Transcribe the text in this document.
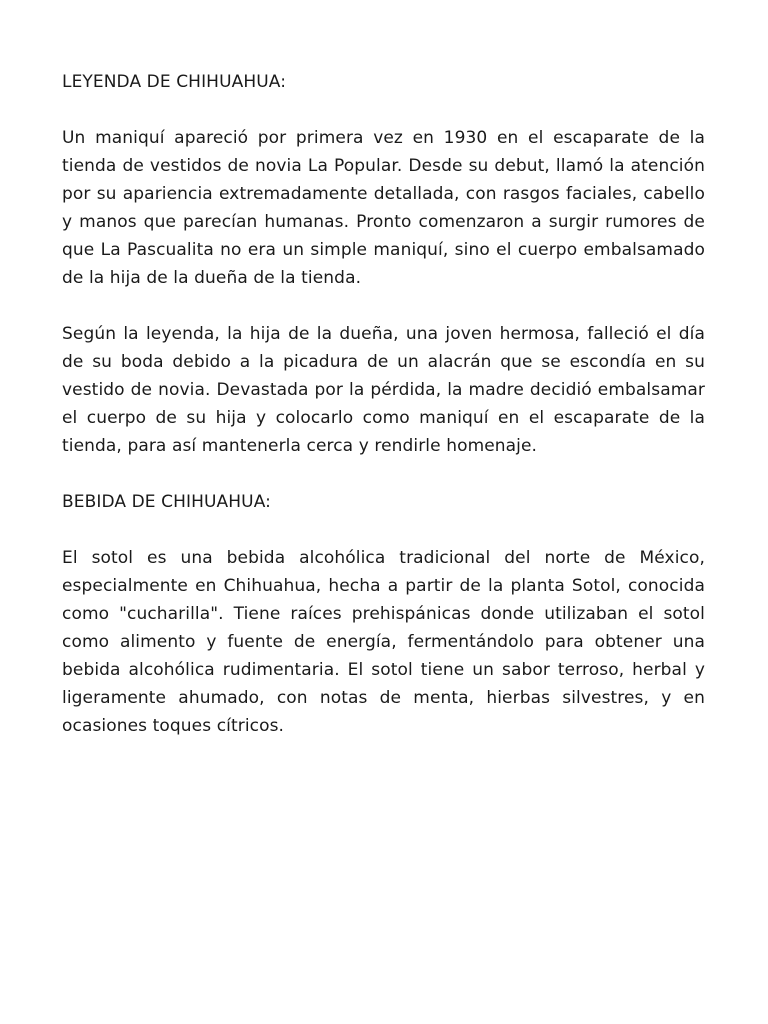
LEYENDA DE CHIHUAHUA:

Un maniquí apareció por primera vez en 1930 en el escaparate de la tienda de vestidos de novia La Popular. Desde su debut, llamó la atención por su apariencia extremadamente detallada, con rasgos faciales, cabello y manos que parecían humanas. Pronto comenzaron a surgir rumores de que La Pascualita no era un simple maniquí, sino el cuerpo embalsamado de la hija de la dueña de la tienda.

Según la leyenda, la hija de la dueña, una joven hermosa, falleció el día de su boda debido a la picadura de un alacrán que se escondía en su vestido de novia. Devastada por la pérdida, la madre decidió embalsamar el cuerpo de su hija y colocarlo como maniquí en el escaparate de la tienda, para así mantenerla cerca y rendirle homenaje.

BEBIDA DE CHIHUAHUA:

El sotol es una bebida alcohólica tradicional del norte de México, especialmente en Chihuahua, hecha a partir de la planta Sotol, conocida como "cucharilla". Tiene raíces prehispánicas donde utilizaban el sotol como alimento y fuente de energía, fermentándolo para obtener una bebida alcohólica rudimentaria. El sotol tiene un sabor terroso, herbal y ligeramente ahumado, con notas de menta, hierbas silvestres, y en ocasiones toques cítricos.
